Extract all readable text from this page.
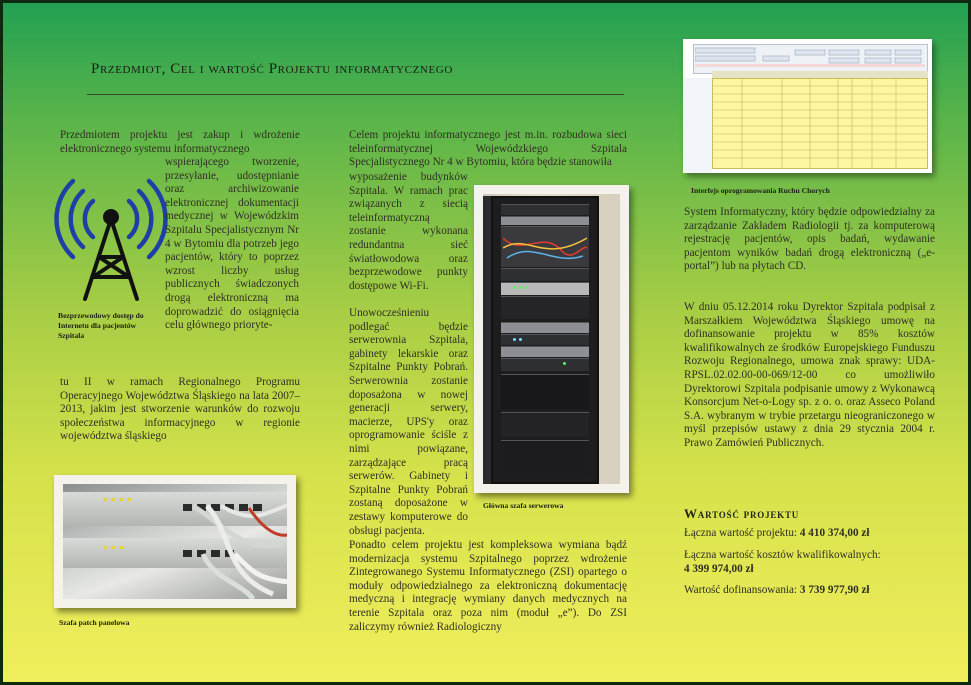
Przedmiot, Cel i wartość Projektu informatycznego

Przedmiotem projektu jest zakup i wdrożenie elektronicznego systemu informatycznego

Bezprzewodowy dostęp do Internetu dla pacjentów Szpitala

wspierającego tworzenie, przesyłanie, udostępnianie oraz archiwizowanie elektronicznej dokumentacji medycznej w Wojewódzkim Szpitalu Specjalistycznym Nr 4 w Bytomiu dla potrzeb jego pacjentów, który to poprzez wzrost liczby usług publicznych świadczonych drogą elektroniczną ma doprowadzić do osiągnięcia celu głównego prioryte-

tu II w ramach Regionalnego Programu Operacyjnego Województwa Śląskiego na lata 2007–2013, jakim jest stworzenie warunków do rozwoju społeczeństwa informacyjnego w regionie województwa śląskiego

Szafa patch panelowa

Celem projektu informatycznego jest m.in. rozbudowa sieci teleinformatycznej Wojewódzkiego Szpitala Specjalistycznego Nr 4 w Bytomiu, która będzie stanowiła

wyposażenie budynków Szpitala. W ramach prac związanych z siecią teleinformatyczną zostanie wykonana redundantna sieć światłowodowa oraz bezprzewodowe punkty dostępowe Wi-Fi.

Unowocześnieniu podlegać będzie serwerownia Szpitala, gabinety lekarskie oraz Szpitalne Punkty Pobrań. Serwerownia zostanie doposażona w nowej generacji serwery, macierze, UPS'y oraz oprogramowanie ściśle z nimi powiązane, zarządzające pracą serwerów. Gabinety i Szpitalne Punkty Pobrań zostaną doposażone w zestawy komputerowe do obsługi pacjenta.

Ponadto celem projektu jest kompleksowa wymiana bądź modernizacja systemu Szpitalnego poprzez wdrożenie Zintegrowanego Systemu Informatycznego (ZSI) opartego o moduły odpowiedzialnego za elektroniczną dokumentację medyczną i integrację wymiany danych medycznych na terenie Szpitala oraz poza nim (moduł „e”). Do ZSI zaliczymy również Radiologiczny

Główna szafa serwerowa

Interfejs oprogramowania Ruchu Chorych

System Informatyczny, który będzie odpowiedzialny za zarządzanie Zakładem Radiologii tj. za komputerową rejestrację pacjentów, opis badań, wydawanie pacjentom wyników badań drogą elektroniczną („e-portal”) lub na płytach CD.

W dniu 05.12.2014 roku Dyrektor Szpitala podpisał z Marszałkiem Województwa Śląskiego umowę na dofinansowanie projektu w 85% kosztów kwalifikowalnych ze środków Europejskiego Funduszu Rozwoju Regionalnego, umowa znak sprawy: UDA-RPSL.02.02.00-00-069/12-00 co umożliwiło Dyrektorowi Szpitala podpisanie umowy z Wykonawcą Konsorcjum Net-o-Logy sp. z o. o. oraz Asseco Poland S.A. wybranym w trybie przetargu nieograniczonego w myśl przepisów ustawy z dnia 29 stycznia 2004 r. Prawo Zamówień Publicznych.

Wartość projektu

Łączna wartość projektu: 4 410 374,00 zł

Łączna wartość kosztów kwalifikowalnych:
4 399 974,00 zł

Wartość dofinansowania: 3 739 977,90 zł
